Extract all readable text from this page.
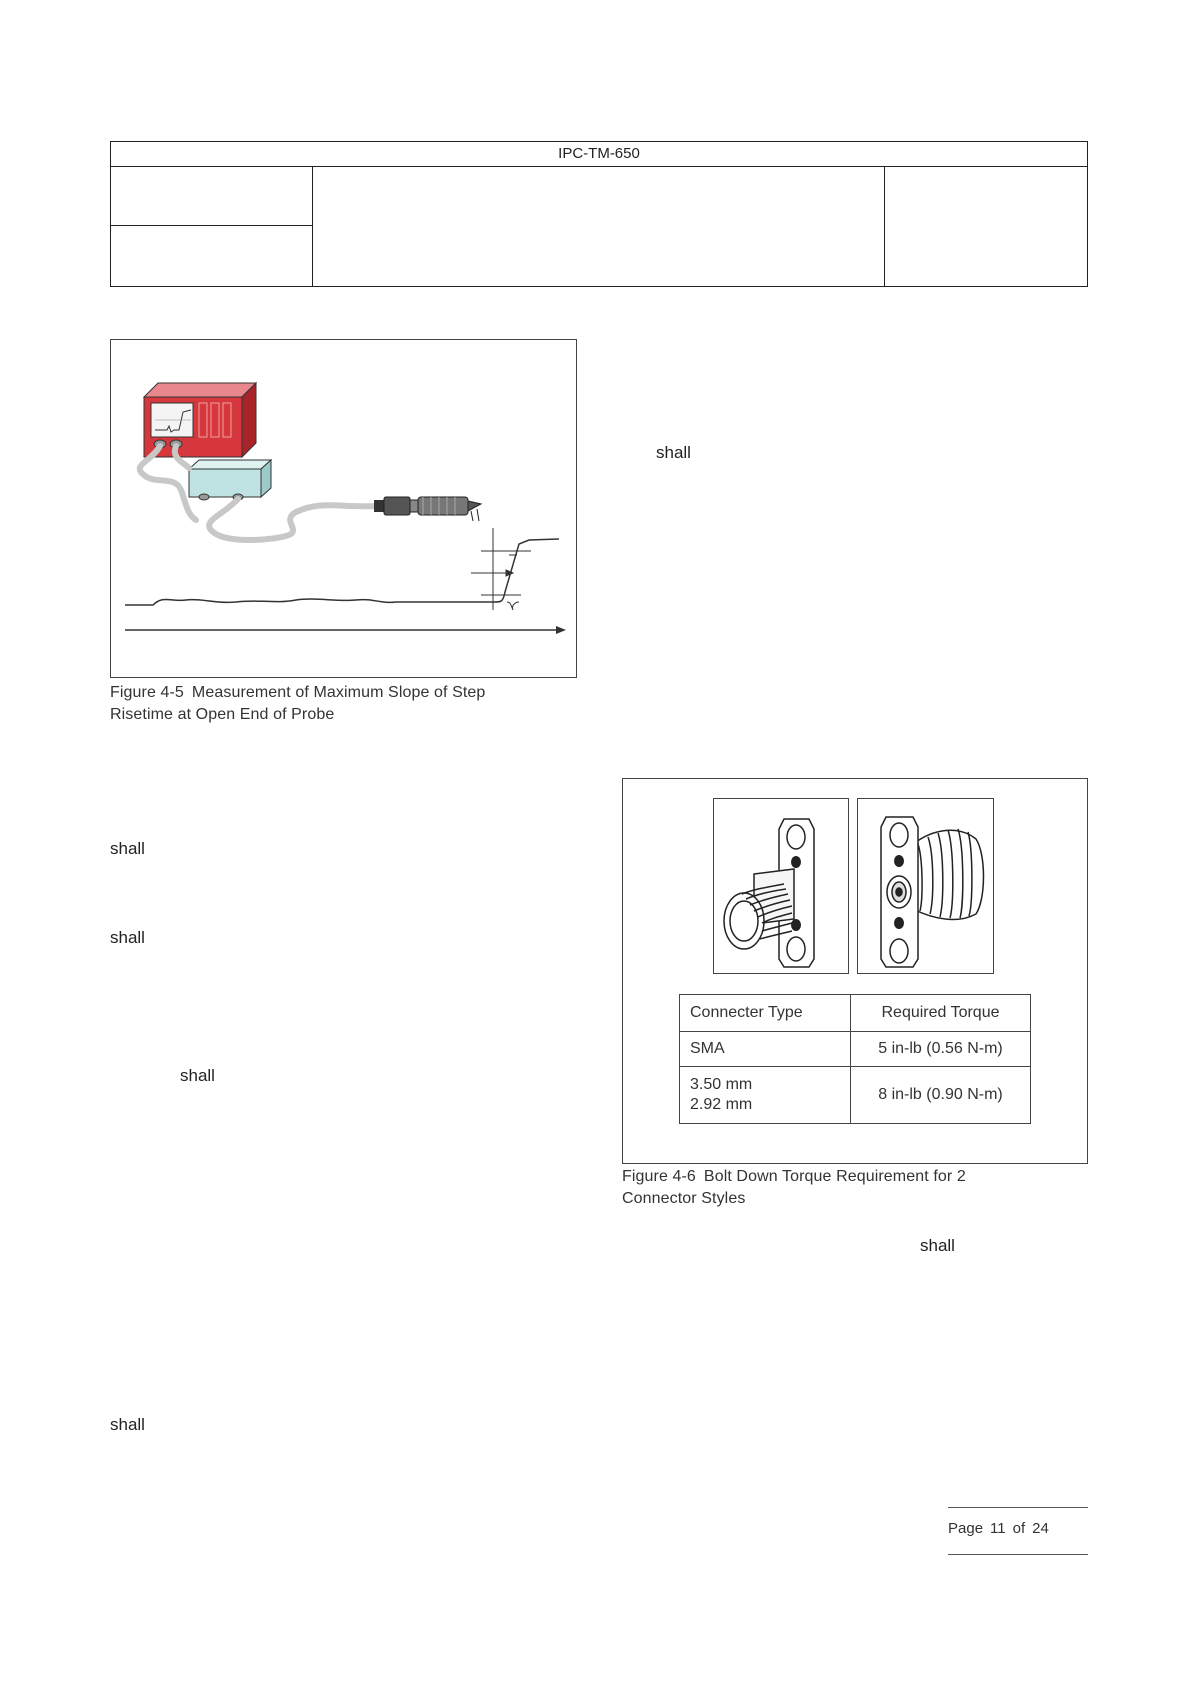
IPC-TM-650
Figure 4-5 Measurement of Maximum Slope of Step
Risetime at Open End of Probe
shall
shall
shall
shall
shall
shall
Connecter Type	Required Torque
SMA	5 in-lb (0.56 N-m)

3.50 mm
2.92 mm	8 in-lb (0.90 N-m)
Figure 4-6 Bolt Down Torque Requirement for 2
Connector Styles
Page 11 of 24
